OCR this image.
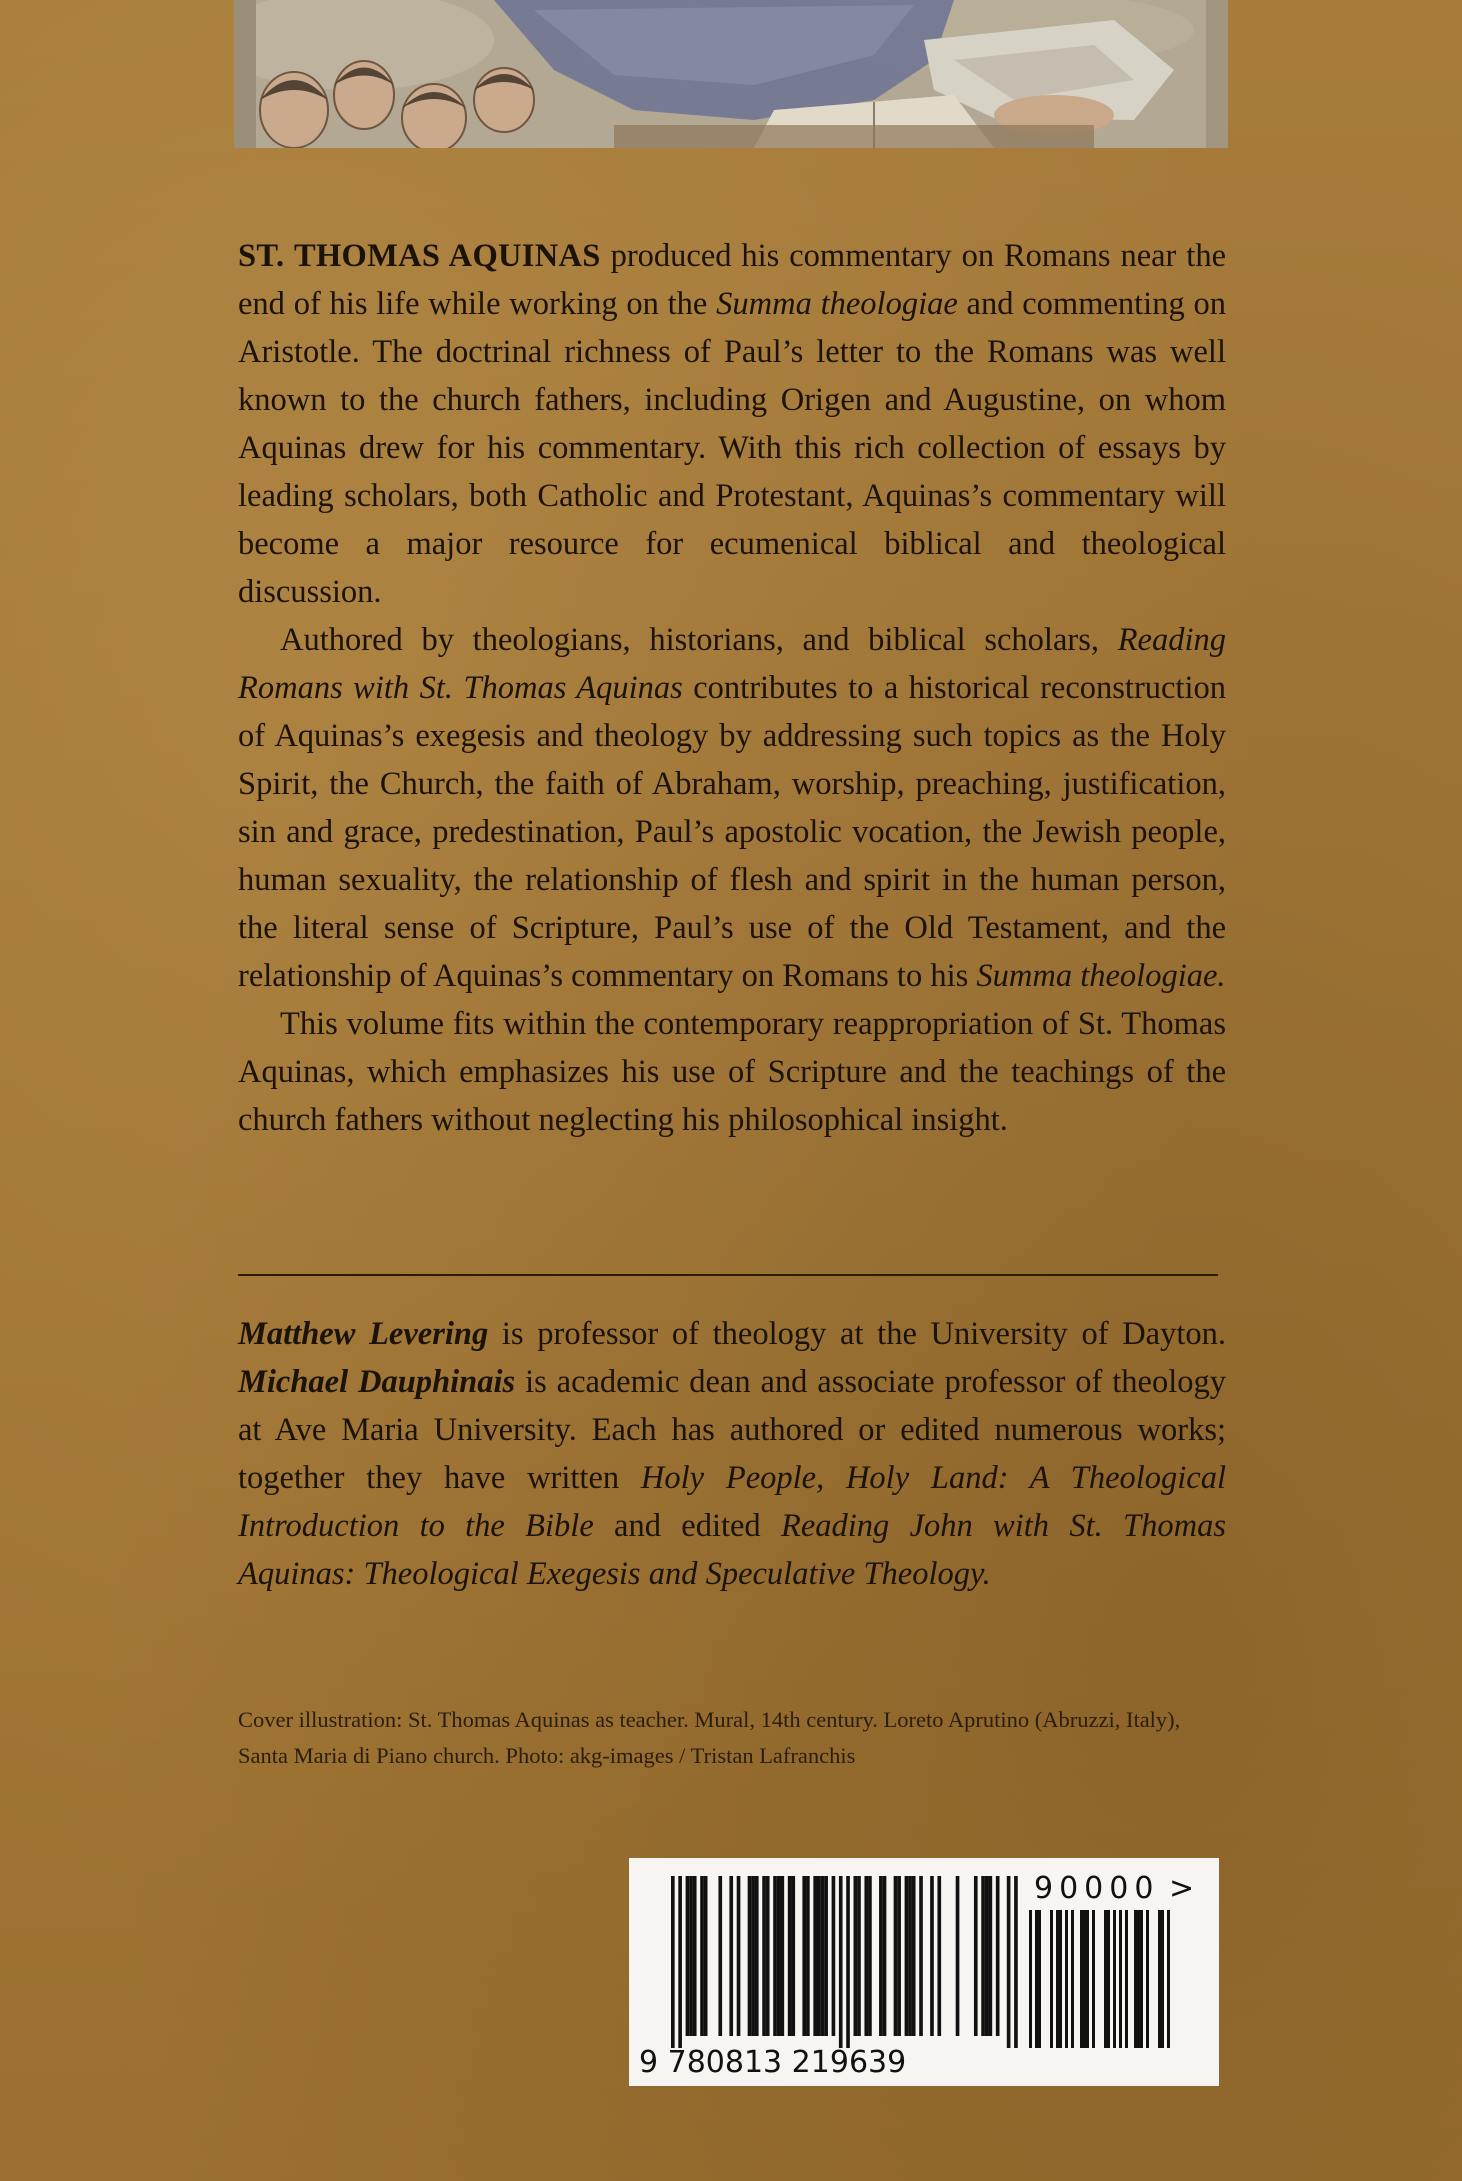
ST. THOMAS AQUINAS produced his commentary on Romans near the end of his life while working on the Summa theologiae and commenting on Aristotle. The doctrinal richness of Paul’s letter to the Romans was well known to the church fathers, including Origen and Augustine, on whom Aquinas drew for his commentary. With this rich collection of essays by leading scholars, both Catholic and Protestant, Aquinas’s commentary will become a major resource for ecumenical biblical and theological discussion.

Authored by theologians, historians, and biblical scholars, Reading Romans with St. Thomas Aquinas contributes to a historical reconstruction of Aquinas’s exegesis and theology by addressing such topics as the Holy Spirit, the Church, the faith of Abraham, worship, preaching, justification, sin and grace, predestination, Paul’s apostolic vocation, the Jewish people, human sexuality, the relationship of flesh and spirit in the human person, the literal sense of Scripture, Paul’s use of the Old Testament, and the relationship of Aquinas’s commentary on Romans to his Summa theologiae.

This volume fits within the contemporary reappropriation of St. Thomas Aquinas, which emphasizes his use of Scripture and the teachings of the church fathers without neglecting his philosophical insight.

Matthew Levering is professor of theology at the University of Dayton. Michael Dauphinais is academic dean and associate professor of theology at Ave Maria University. Each has authored or edited numerous works; together they have written Holy People, Holy Land: A Theological Introduction to the Bible and edited Reading John with St. Thomas Aquinas: Theological Exegesis and Speculative Theology.

Cover illustration: St. Thomas Aquinas as teacher. Mural, 14th century. Loreto Aprutino (Abruzzi, Italy), Santa Maria di Piano church. Photo: akg-images / Tristan Lafranchis
9 780813 219639
90000 >
